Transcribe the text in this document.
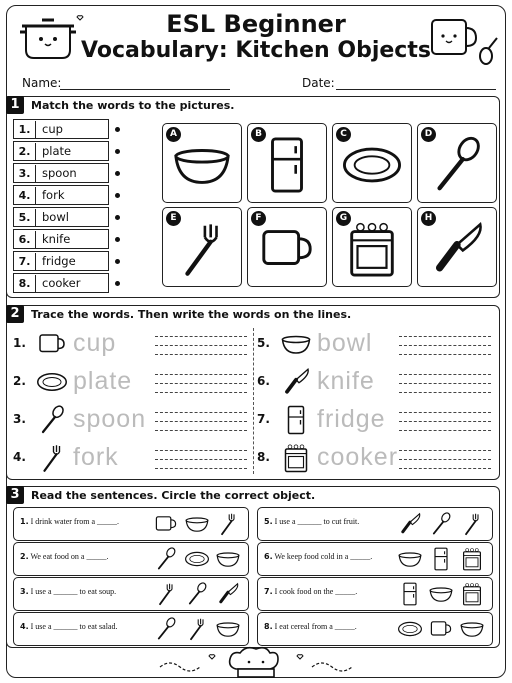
ESL Beginner
Vocabulary: Kitchen Objects
Name:	Date:
1	Match the words to the pictures.
1. cup
2. plate
3. spoon
4. fork
5. bowl
6. knife
7. fridge
8. cooker
A	B	C	D
E	F	G	H
2	Trace the words. Then write the words on the lines.
1. cup
2. plate
3. spoon
4. fork
5. bowl
6. knife
7. fridge
8. cooker
3	Read the sentences. Circle the correct object.
1. I drink water from a _____.
2. We eat food on a _____.
3. I use a ______ to eat soup.
4. I use a ______ to eat salad.
5. I use a ______ to cut fruit.
6. We keep food cold in a _____.
7. I cook food on the _____.
8. I eat cereal from a _____.
